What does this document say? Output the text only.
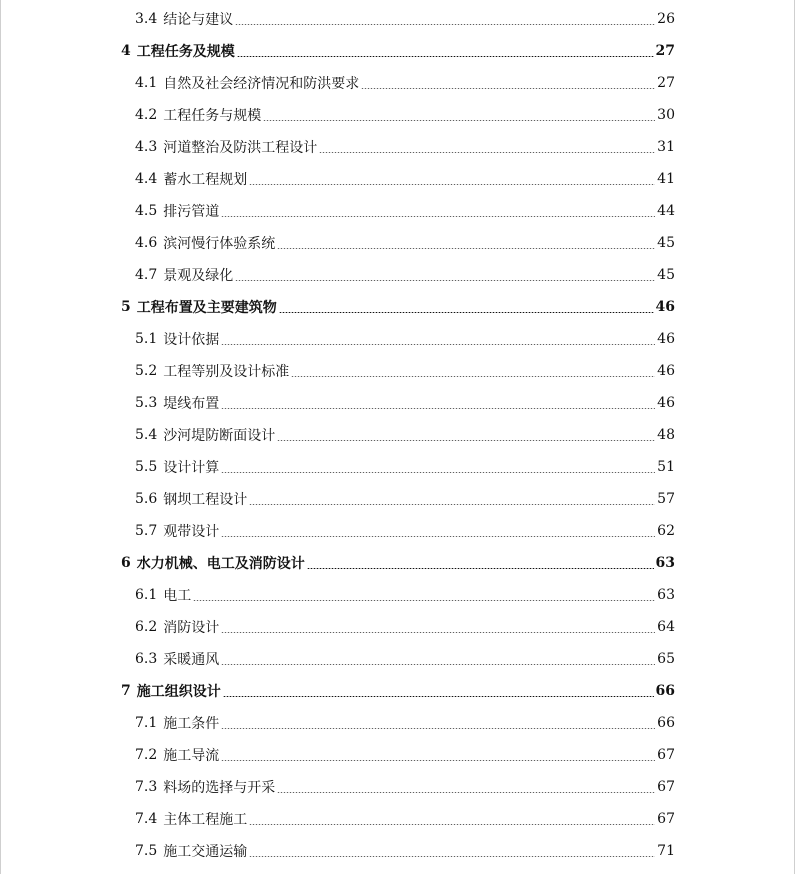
3.4 结论与建议	26
4 工程任务及规模	27
4.1 自然及社会经济情况和防洪要求	27
4.2 工程任务与规模	30
4.3 河道整治及防洪工程设计	31
4.4 蓄水工程规划	41
4.5 排污管道	44
4.6 滨河慢行体验系统	45
4.7 景观及绿化	45
5 工程布置及主要建筑物	46
5.1 设计依据	46
5.2 工程等别及设计标准	46
5.3 堤线布置	46
5.4 沙河堤防断面设计	48
5.5 设计计算	51
5.6 钢坝工程设计	57
5.7 观带设计	62
6 水力机械、电工及消防设计	63
6.1 电工	63
6.2 消防设计	64
6.3 采暖通风	65
7 施工组织设计	66
7.1 施工条件	66
7.2 施工导流	67
7.3 料场的选择与开采	67
7.4 主体工程施工	67
7.5 施工交通运输	71
